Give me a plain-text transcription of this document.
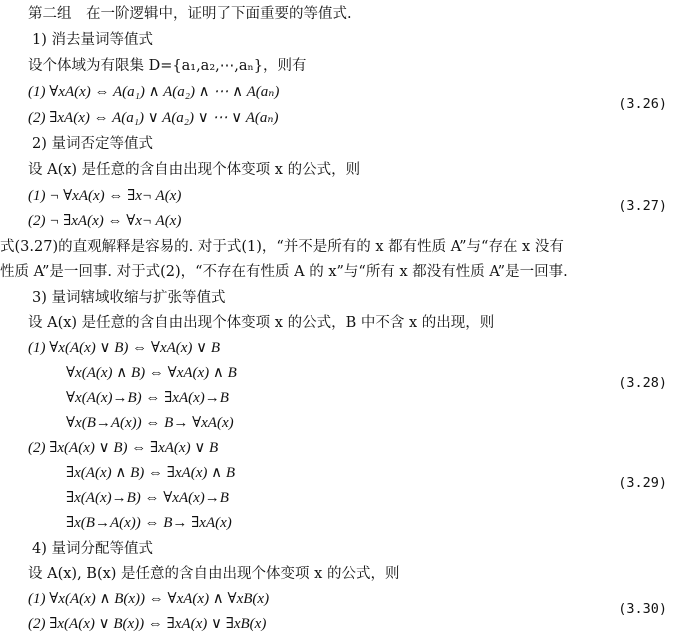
第二组　在一阶逻辑中，证明了下面重要的等值式.
1) 消去量词等值式
设个体域为有限集 D={a₁,a₂,⋯,aₙ}，则有
(1) ∀xA(x) ⇔ A(a₁) ∧ A(a₂) ∧ ⋯ ∧ A(aₙ)
(2) ∃xA(x) ⇔ A(a₁) ∨ A(a₂) ∨ ⋯ ∨ A(aₙ)
(3.26)
2) 量词否定等值式
设 A(x) 是任意的含自由出现个体变项 x 的公式，则
(1) ¬ ∀xA(x) ⇔ ∃x¬ A(x)
(2) ¬ ∃xA(x) ⇔ ∀x¬ A(x)
(3.27)
式(3.27)的直观解释是容易的. 对于式(1)，“并不是所有的 x 都有性质 A”与“存在 x 没有
性质 A”是一回事. 对于式(2)，“不存在有性质 A 的 x”与“所有 x 都没有性质 A”是一回事.
3) 量词辖域收缩与扩张等值式
设 A(x) 是任意的含自由出现个体变项 x 的公式，B 中不含 x 的出现，则
(1) ∀x(A(x) ∨ B) ⇔ ∀xA(x) ∨ B
∀x(A(x) ∧ B) ⇔ ∀xA(x) ∧ B
∀x(A(x)→B) ⇔ ∃xA(x)→B
∀x(B→A(x)) ⇔ B→ ∀xA(x)
(3.28)
(2) ∃x(A(x) ∨ B) ⇔ ∃xA(x) ∨ B
∃x(A(x) ∧ B) ⇔ ∃xA(x) ∧ B
∃x(A(x)→B) ⇔ ∀xA(x)→B
∃x(B→A(x)) ⇔ B→ ∃xA(x)
(3.29)
4) 量词分配等值式
设 A(x), B(x) 是任意的含自由出现个体变项 x 的公式，则
(1) ∀x(A(x) ∧ B(x)) ⇔ ∀xA(x) ∧ ∀xB(x)
(2) ∃x(A(x) ∨ B(x)) ⇔ ∃xA(x) ∨ ∃xB(x)
(3.30)
